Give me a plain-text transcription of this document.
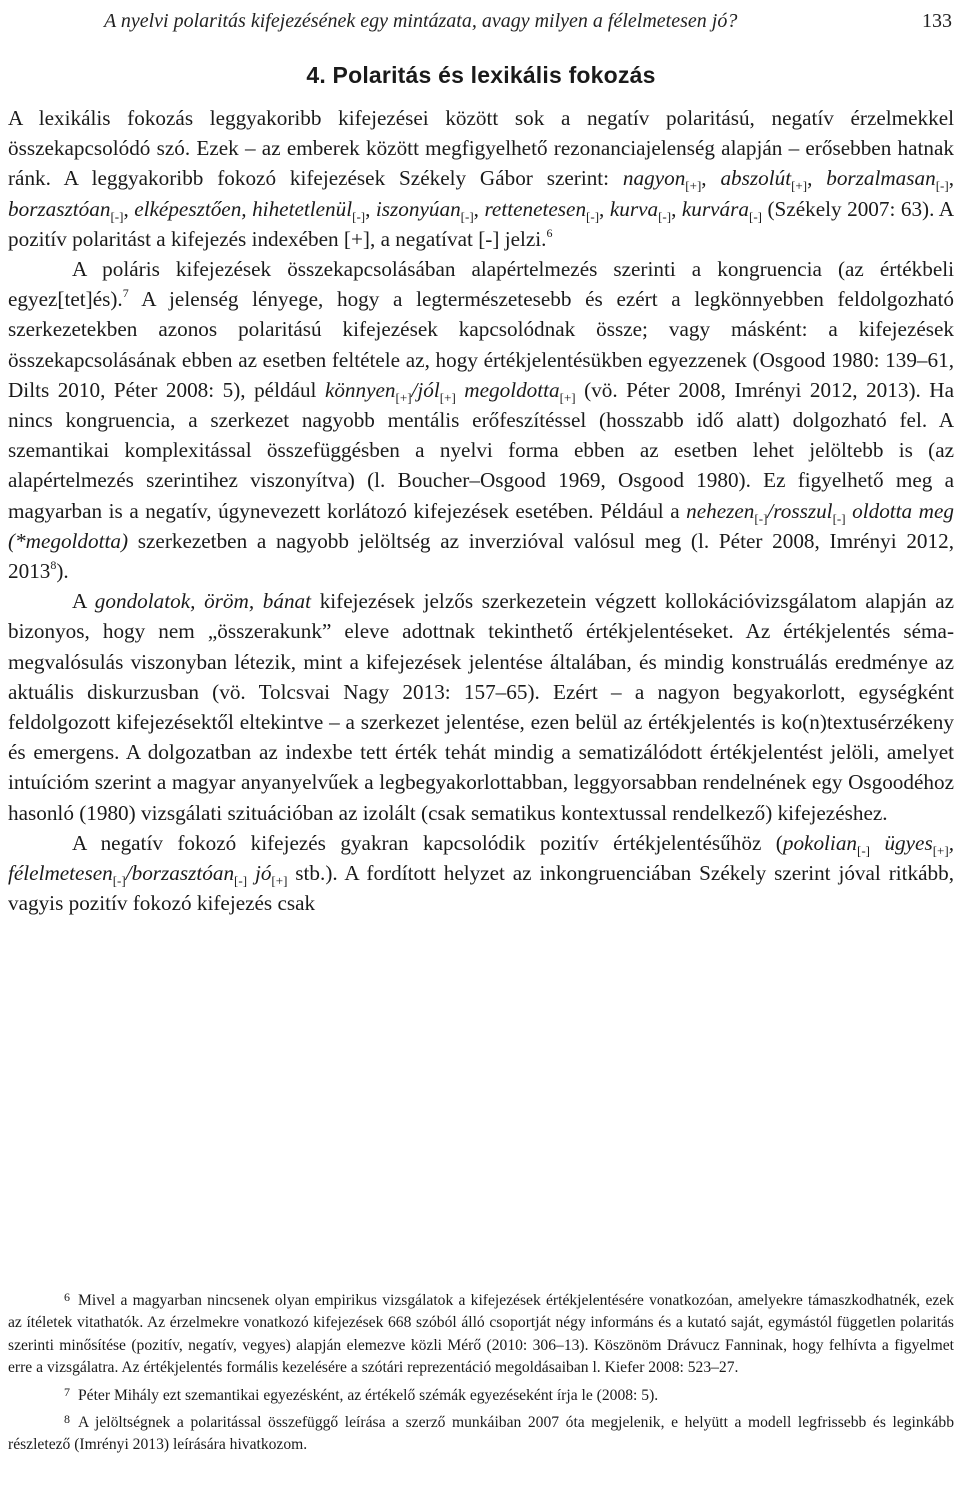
A nyelvi polaritás kifejezésének egy mintázata, avagy milyen a félelmetesen jó?	133
4. Polaritás és lexikális fokozás

A lexikális fokozás leggyakoribb kifejezései között sok a negatív polaritású, negatív érzelmekkel összekapcsolódó szó. Ezek – az emberek között megfigyelhető rezonanciajelenség alapján – erősebben hatnak ránk. A leggyakoribb fokozó kifejezések Székely Gábor szerint: nagyon$_{[+]}$, abszolút$_{[+]}$, borzalmasan$_{[-]}$, borzasztóan$_{[-]}$, elképesztően, hihetetlenül$_{[-]}$, iszonyúan$_{[-]}$, rettenetesen$_{[-]}$, kurva$_{[-]}$, kurvára$_{[-]}$ (Székely 2007: 63). A pozitív polaritást a kifejezés indexében [+], a negatívat [-] jelzi.$^6$

A poláris kifejezések összekapcsolásában alapértelmezés szerinti a kongruencia (az értékbeli egyez[tet]és).$^7$ A jelenség lényege, hogy a legtermészetesebb és ezért a legkönnyebben feldolgozható szerkezetekben azonos polaritású kifejezések kapcsolódnak össze; vagy másként: a kifejezések összekapcsolásának ebben az esetben feltétele az, hogy értékjelentésükben egyezzenek (Osgood 1980: 139–61, Dilts 2010, Péter 2008: 5), például könnyen$_{[+]}$/jól$_{[+]}$ megoldotta$_{[+]}$ (vö. Péter 2008, Imrényi 2012, 2013). Ha nincs kongruencia, a szerkezet nagyobb mentális erőfeszítéssel (hosszabb idő alatt) dolgozható fel. A szemantikai komplexitással összefüggésben a nyelvi forma ebben az esetben lehet jelöltebb is (az alapértelmezés szerintihez viszonyítva) (l. Boucher–Osgood 1969, Osgood 1980). Ez figyelhető meg a magyarban is a negatív, úgynevezett korlátozó kifejezések esetében. Például a nehezen$_{[-]}$/rosszul$_{[-]}$ oldotta meg (*megoldotta) szerkezetben a nagyobb jelöltség az inverzióval valósul meg (l. Péter 2008, Imrényi 2012, 2013$^8$).

A gondolatok, öröm, bánat kifejezések jelzős szerkezetein végzett kollokációvizsgálatom alapján az bizonyos, hogy nem „összerakunk” eleve adottnak tekinthető értékjelentéseket. Az értékjelentés séma-megvalósulás viszonyban létezik, mint a kifejezések jelentése általában, és mindig konstruálás eredménye az aktuális diskurzusban (vö. Tolcsvai Nagy 2013: 157–65). Ezért – a nagyon begyakorlott, egységként feldolgozott kifejezésektől eltekintve – a szerkezet jelentése, ezen belül az értékjelentés is ko(n)textusérzékeny és emergens. A dolgozatban az indexbe tett érték tehát mindig a sematizálódott értékjelentést jelöli, amelyet intuícióm szerint a magyar anyanyelvűek a legbegyakorlottabban, leggyorsabban rendelnének egy Osgoodéhoz hasonló (1980) vizsgálati szituációban az izolált (csak sematikus kontextussal rendelkező) kifejezéshez.

A negatív fokozó kifejezés gyakran kapcsolódik pozitív értékjelentésűhöz (pokolian$_{[-]}$ ügyes$_{[+]}$, félelmetesen$_{[-]}$/borzasztóan$_{[-]}$ $jó_{[+]}$ stb.). A fordított helyzet az inkongruenciában Székely szerint jóval ritkább, vagyis pozitív fokozó kifejezés csak

$^6$ Mivel a magyarban nincsenek olyan empirikus vizsgálatok a kifejezések értékjelentésére vonatkozóan, amelyekre támaszkodhatnék, ezek az ítéletek vitathatók. Az érzelmekre vonatkozó kifejezések 668 szóból álló csoportját négy informáns és a kutató saját, egymástól független polaritás szerinti minősítése (pozitív, negatív, vegyes) alapján elemezve közli Mérő (2010: 306–13). Köszönöm Drávucz Fanninak, hogy felhívta a figyelmet erre a vizsgálatra. Az értékjelentés formális kezelésére a szótári reprezentáció megoldásaiban l. Kiefer 2008: 523–27.

$^7$ Péter Mihály ezt szemantikai egyezésként, az értékelő szémák egyezéseként írja le (2008: 5).

$^8$ A jelöltségnek a polaritással összefüggő leírása a szerző munkáiban 2007 óta megjelenik, e helyütt a modell legfrissebb és leginkább részletező (Imrényi 2013) leírására hivatkozom.
